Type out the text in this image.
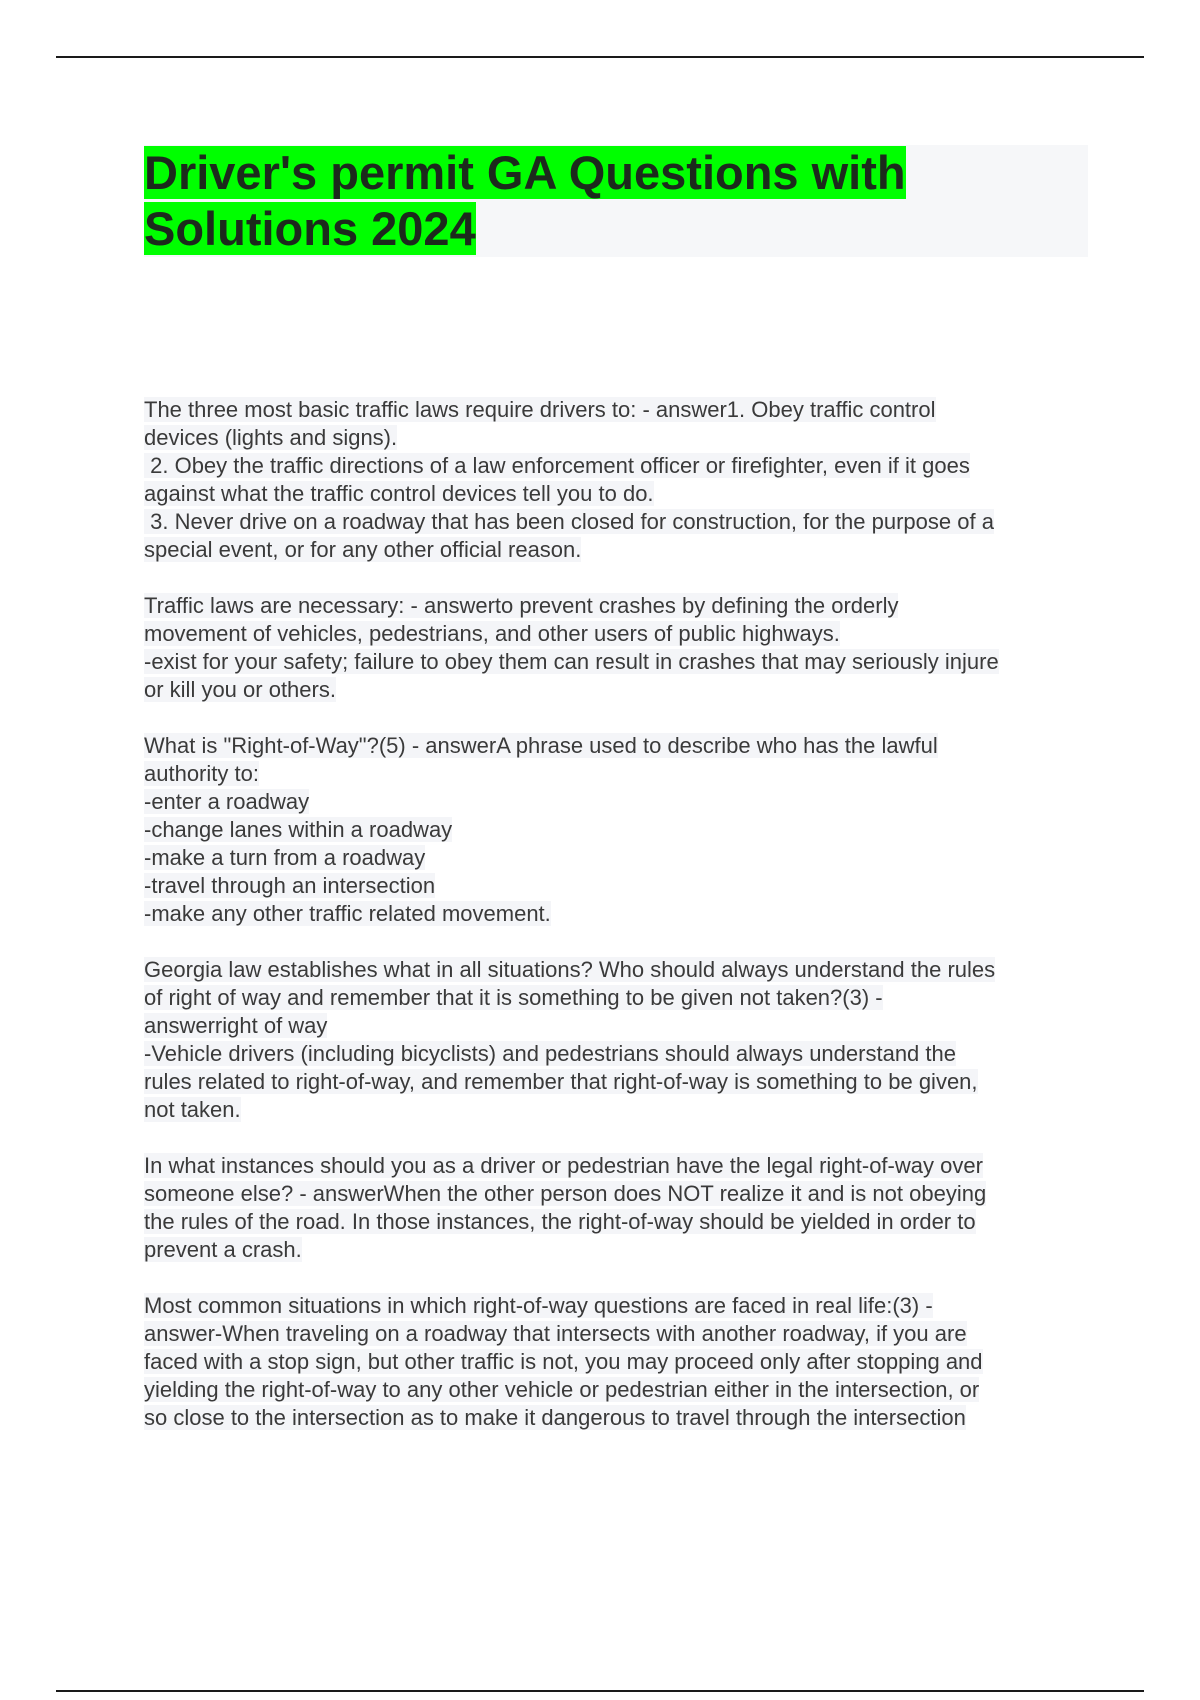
Driver's permit GA Questions with
Solutions 2024

The three most basic traffic laws require drivers to: - answer1. Obey traffic control
devices (lights and signs).
2. Obey the traffic directions of a law enforcement officer or firefighter, even if it goes
against what the traffic control devices tell you to do.
3. Never drive on a roadway that has been closed for construction, for the purpose of a
special event, or for any other official reason.

Traffic laws are necessary: - answerto prevent crashes by defining the orderly
movement of vehicles, pedestrians, and other users of public highways.
-exist for your safety; failure to obey them can result in crashes that may seriously injure
or kill you or others.

What is "Right-of-Way"?(5) - answerA phrase used to describe who has the lawful
authority to:
-enter a roadway
-change lanes within a roadway
-make a turn from a roadway
-travel through an intersection
-make any other traffic related movement.

Georgia law establishes what in all situations? Who should always understand the rules
of right of way and remember that it is something to be given not taken?(3) -
answerright of way
-Vehicle drivers (including bicyclists) and pedestrians should always understand the
rules related to right-of-way, and remember that right-of-way is something to be given,
not taken.

In what instances should you as a driver or pedestrian have the legal right-of-way over
someone else? - answerWhen the other person does NOT realize it and is not obeying
the rules of the road. In those instances, the right-of-way should be yielded in order to
prevent a crash.

Most common situations in which right-of-way questions are faced in real life:(3) -
answer-When traveling on a roadway that intersects with another roadway, if you are
faced with a stop sign, but other traffic is not, you may proceed only after stopping and
yielding the right-of-way to any other vehicle or pedestrian either in the intersection, or
so close to the intersection as to make it dangerous to travel through the intersection
